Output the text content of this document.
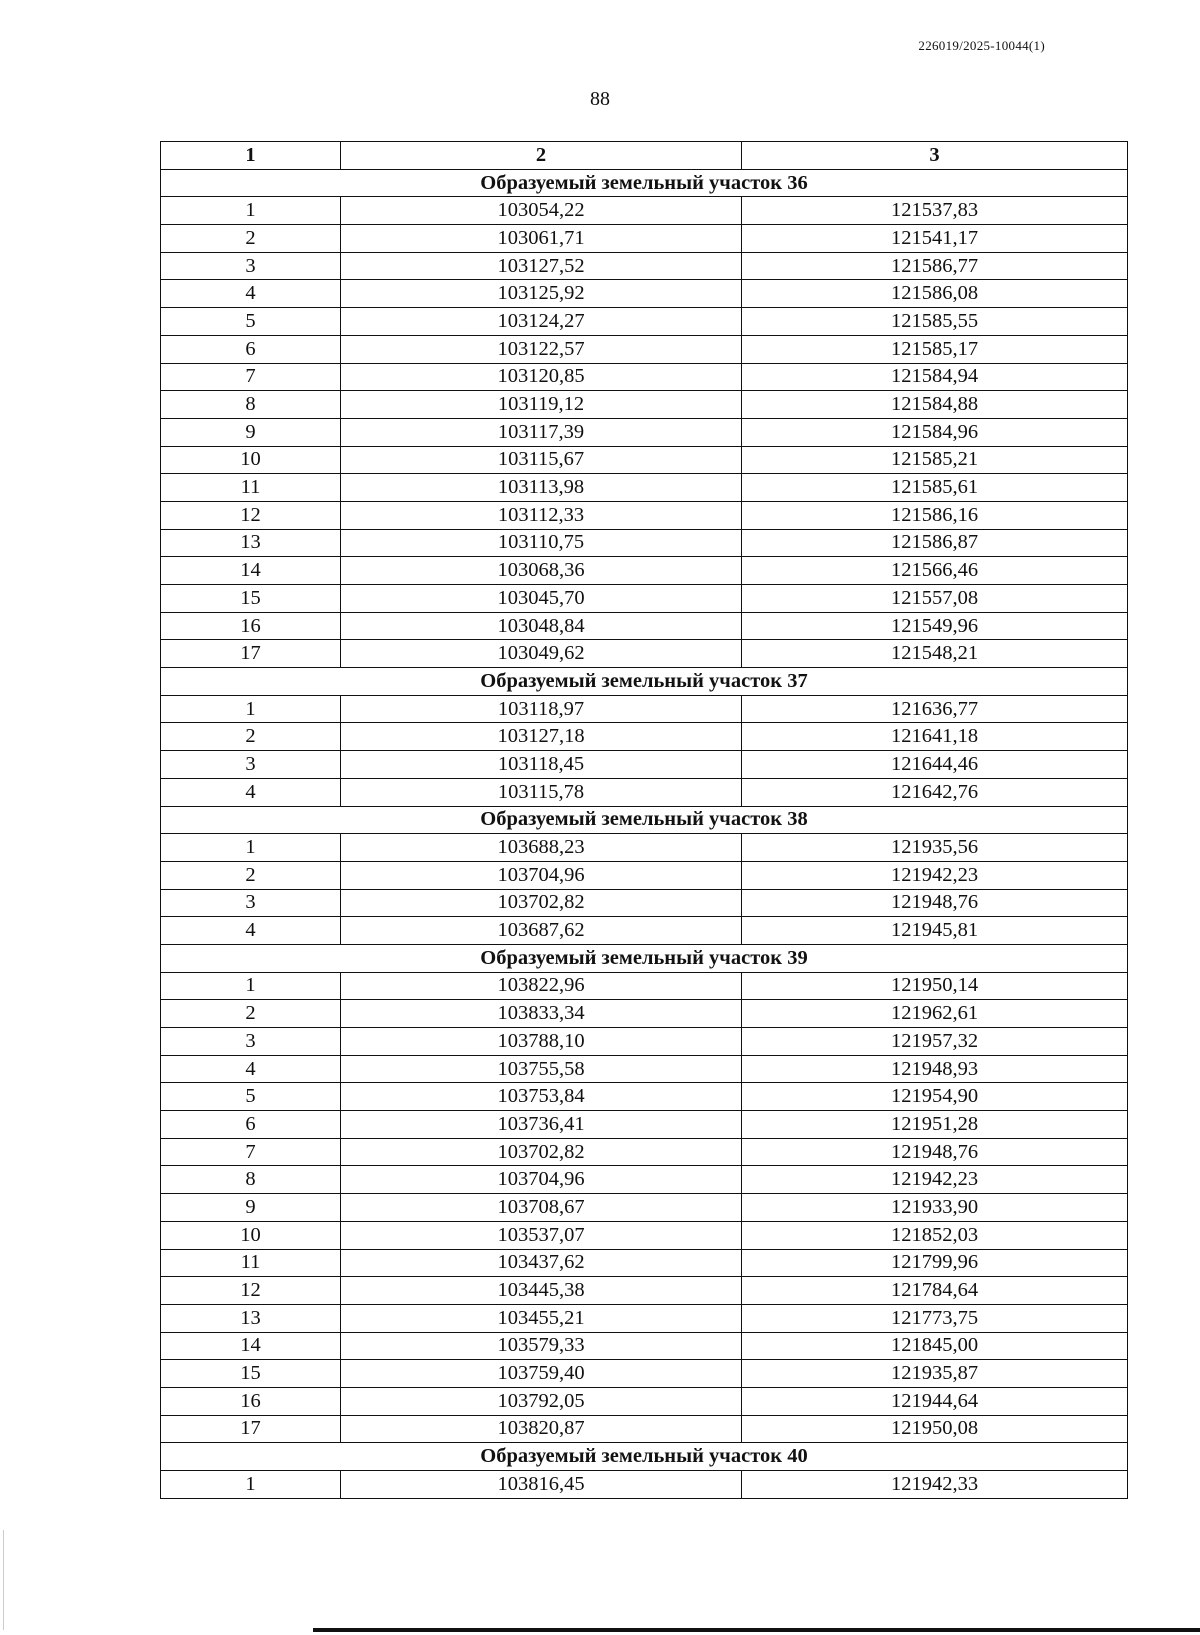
226019/2025-10044(1)
88
1	2	3
Образуемый земельный участок 36		
1	103054,22	121537,83
2	103061,71	121541,17
3	103127,52	121586,77
4	103125,92	121586,08
5	103124,27	121585,55
6	103122,57	121585,17
7	103120,85	121584,94
8	103119,12	121584,88
9	103117,39	121584,96
10	103115,67	121585,21
11	103113,98	121585,61
12	103112,33	121586,16
13	103110,75	121586,87
14	103068,36	121566,46
15	103045,70	121557,08
16	103048,84	121549,96
17	103049,62	121548,21
Образуемый земельный участок 37		
1	103118,97	121636,77
2	103127,18	121641,18
3	103118,45	121644,46
4	103115,78	121642,76
Образуемый земельный участок 38		
1	103688,23	121935,56
2	103704,96	121942,23
3	103702,82	121948,76
4	103687,62	121945,81
Образуемый земельный участок 39		
1	103822,96	121950,14
2	103833,34	121962,61
3	103788,10	121957,32
4	103755,58	121948,93
5	103753,84	121954,90
6	103736,41	121951,28
7	103702,82	121948,76
8	103704,96	121942,23
9	103708,67	121933,90
10	103537,07	121852,03
11	103437,62	121799,96
12	103445,38	121784,64
13	103455,21	121773,75
14	103579,33	121845,00
15	103759,40	121935,87
16	103792,05	121944,64
17	103820,87	121950,08
Образуемый земельный участок 40		
1	103816,45	121942,33
